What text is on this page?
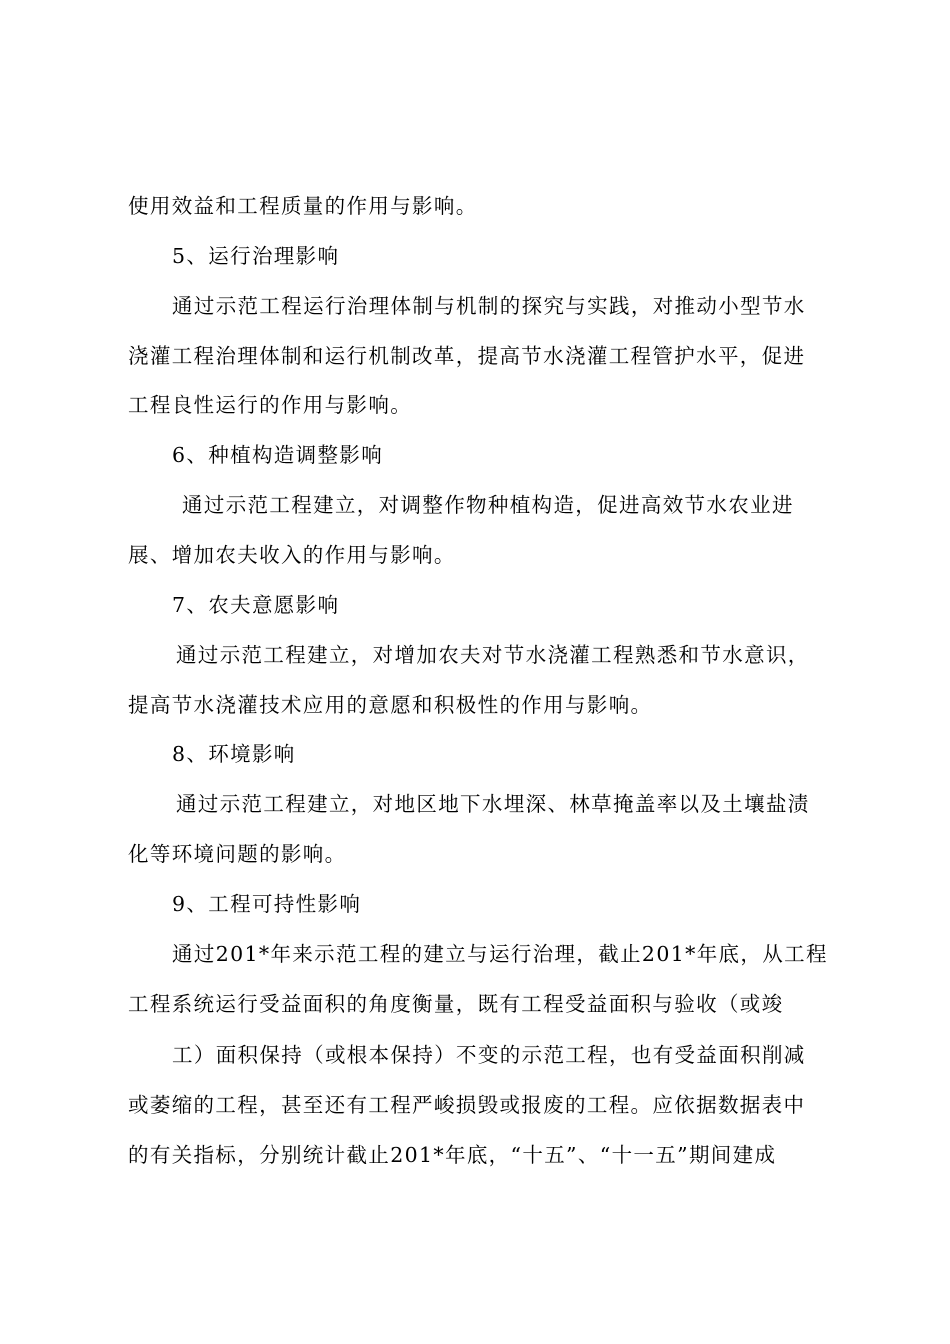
使用效益和工程质量的作用与影响。
5、运行治理影响
通过示范工程运行治理体制与机制的探究与实践，对推动小型节水
浇灌工程治理体制和运行机制改革，提高节水浇灌工程管护水平，促进
工程良性运行的作用与影响。
6、种植构造调整影响
通过示范工程建立，对调整作物种植构造，促进高效节水农业进
展、增加农夫收入的作用与影响。
7、农夫意愿影响
通过示范工程建立，对增加农夫对节水浇灌工程熟悉和节水意识，
提高节水浇灌技术应用的意愿和积极性的作用与影响。
8、环境影响
通过示范工程建立，对地区地下水埋深、林草掩盖率以及土壤盐渍
化等环境问题的影响。
9、工程可持性影响
通过201*年来示范工程的建立与运行治理，截止201*年底，从工程
工程系统运行受益面积的角度衡量，既有工程受益面积与验收（或竣
工）面积保持（或根本保持）不变的示范工程，也有受益面积削减
或萎缩的工程，甚至还有工程严峻损毁或报废的工程。应依据数据表中
的有关指标，分别统计截止201*年底，“十五”、“十一五”期间建成
